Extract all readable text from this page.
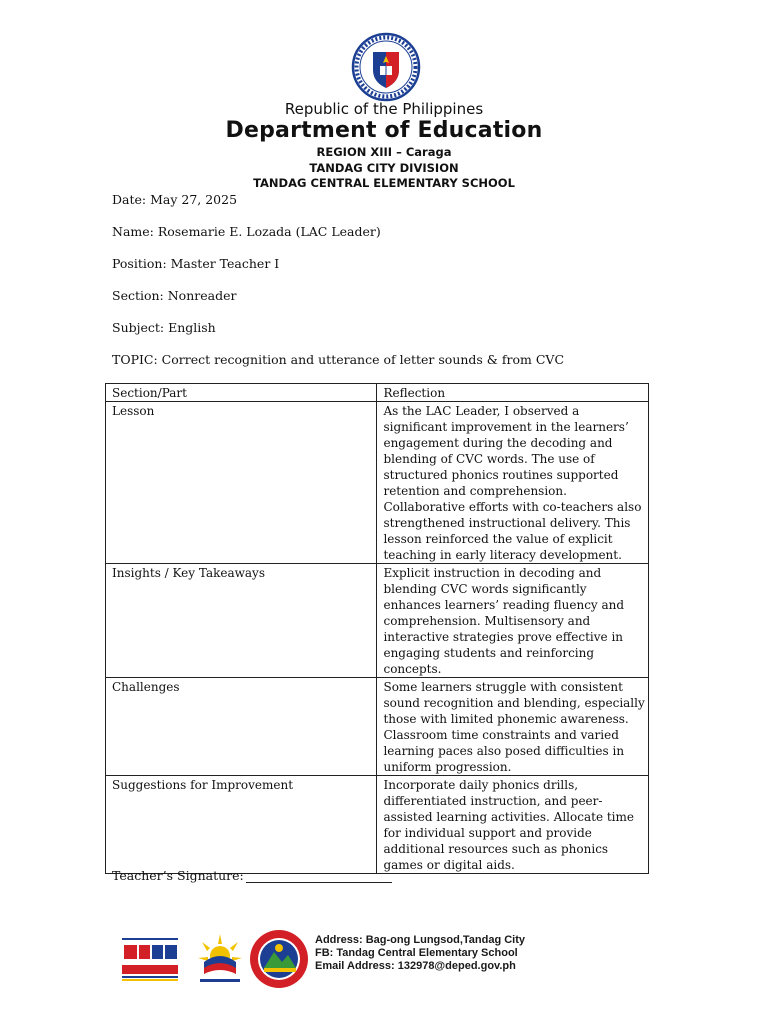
Republic of the Philippines
Department of Education
REGION XIII – Caraga
TANDAG CITY DIVISION
TANDAG CENTRAL ELEMENTARY SCHOOL
Date: May 27, 2025
Name: Rosemarie E. Lozada (LAC Leader)
Position: Master Teacher I
Section: Nonreader
Subject: English
TOPIC: Correct recognition and utterance of letter sounds & from CVC
Section/Part	Reflection
Lesson	As the LAC Leader, I observed a significant improvement in the learners’ engagement during the decoding and blending of CVC words. The use of structured phonics routines supported retention and comprehension. Collaborative efforts with co-teachers also strengthened instructional delivery. This lesson reinforced the value of explicit teaching in early literacy development.
Insights / Key Takeaways	Explicit instruction in decoding and blending CVC words significantly enhances learners’ reading fluency and comprehension. Multisensory and interactive strategies prove effective in engaging students and reinforcing concepts.
Challenges	Some learners struggle with consistent sound recognition and blending, especially those with limited phonemic awareness. Classroom time constraints and varied learning paces also posed difficulties in uniform progression.
Suggestions for Improvement	Incorporate daily phonics drills, differentiated instruction, and peer-assisted learning activities. Allocate time for individual support and provide additional resources such as phonics games or digital aids.
Teacher’s Signature:
Address: Bag-ong Lungsod,Tandag City
FB: Tandag Central Elementary School
Email Address: 132978@deped.gov.ph
